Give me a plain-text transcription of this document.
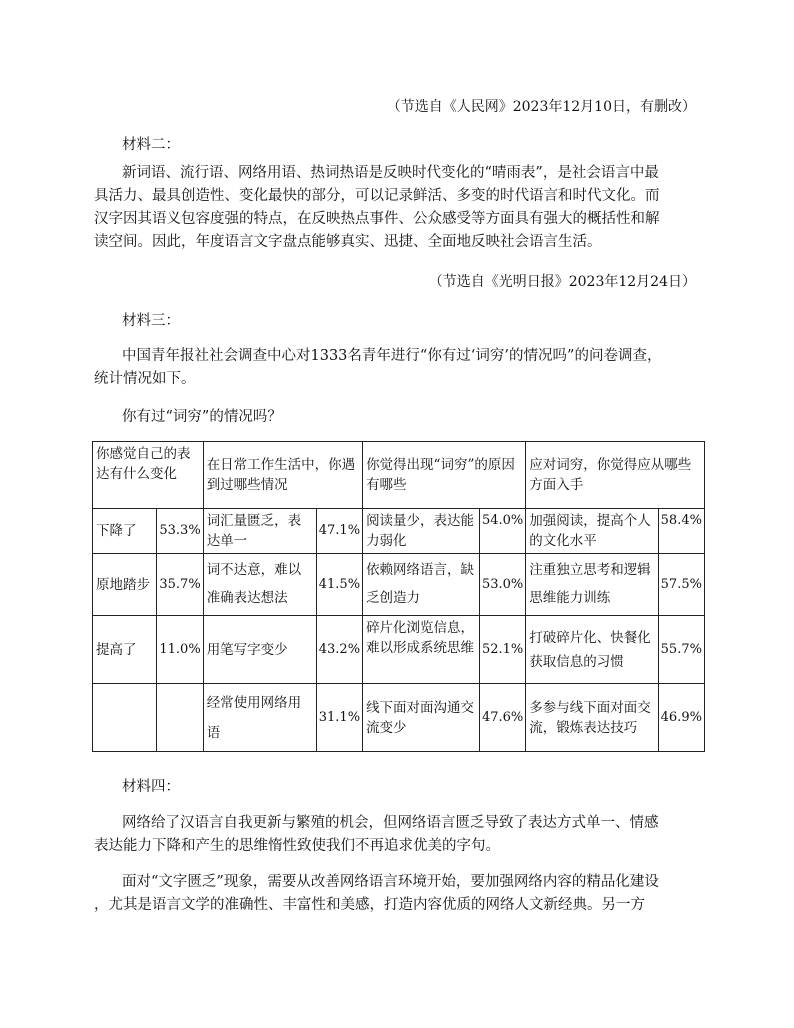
（节选自《人民网》2023年12月10日，有删改）
材料二：

新词语、流行语、网络用语、热词热语是反映时代变化的“晴雨表”，是社会语言中最

具活力、最具创造性、变化最快的部分，可以记录鲜活、多变的时代语言和时代文化。而

汉字因其语义包容度强的特点，在反映热点事件、公众感受等方面具有强大的概括性和解

读空间。因此，年度语言文字盘点能够真实、迅捷、全面地反映社会语言生活。

（节选自《光明日报》2023年12月24日）
材料三：

中国青年报社社会调查中心对1333名青年进行“你有过‘词穷’的情况吗”的问卷调查，

统计情况如下。

你有过“词穷”的情况吗？
你感觉自己的表达有什么变化		在日常工作生活中，你遇到过哪些情况		你觉得出现“词穷”的原因有哪些		应对词穷，你觉得应从哪些方面入手	
下降了	53.3%	词汇量匮乏，表达单一	47.1%	阅读量少，表达能力弱化	54.0%	加强阅读，提高个人的文化水平	58.4%
原地踏步	35.7%	词不达意，难以准确表达想法	41.5%	依赖网络语言，缺乏创造力	53.0%	注重独立思考和逻辑思维能力训练	57.5%
提高了	11.0%	用笔写字变少	43.2%	碎片化浏览信息，难以形成系统思维	52.1%	打破碎片化、快餐化获取信息的习惯	55.7%
		经常使用网络用语	31.1%	线下面对面沟通交流变少	47.6%	多参与线下面对面交流，锻炼表达技巧	46.9%
材料四：

网络给了汉语言自我更新与繁殖的机会，但网络语言匮乏导致了表达方式单一、情感

表达能力下降和产生的思维惰性致使我们不再追求优美的字句。

面对“文字匮乏”现象，需要从改善网络语言环境开始，要加强网络内容的精品化建设

，尤其是语言文学的准确性、丰富性和美感，打造内容优质的网络人文新经典。另一方
